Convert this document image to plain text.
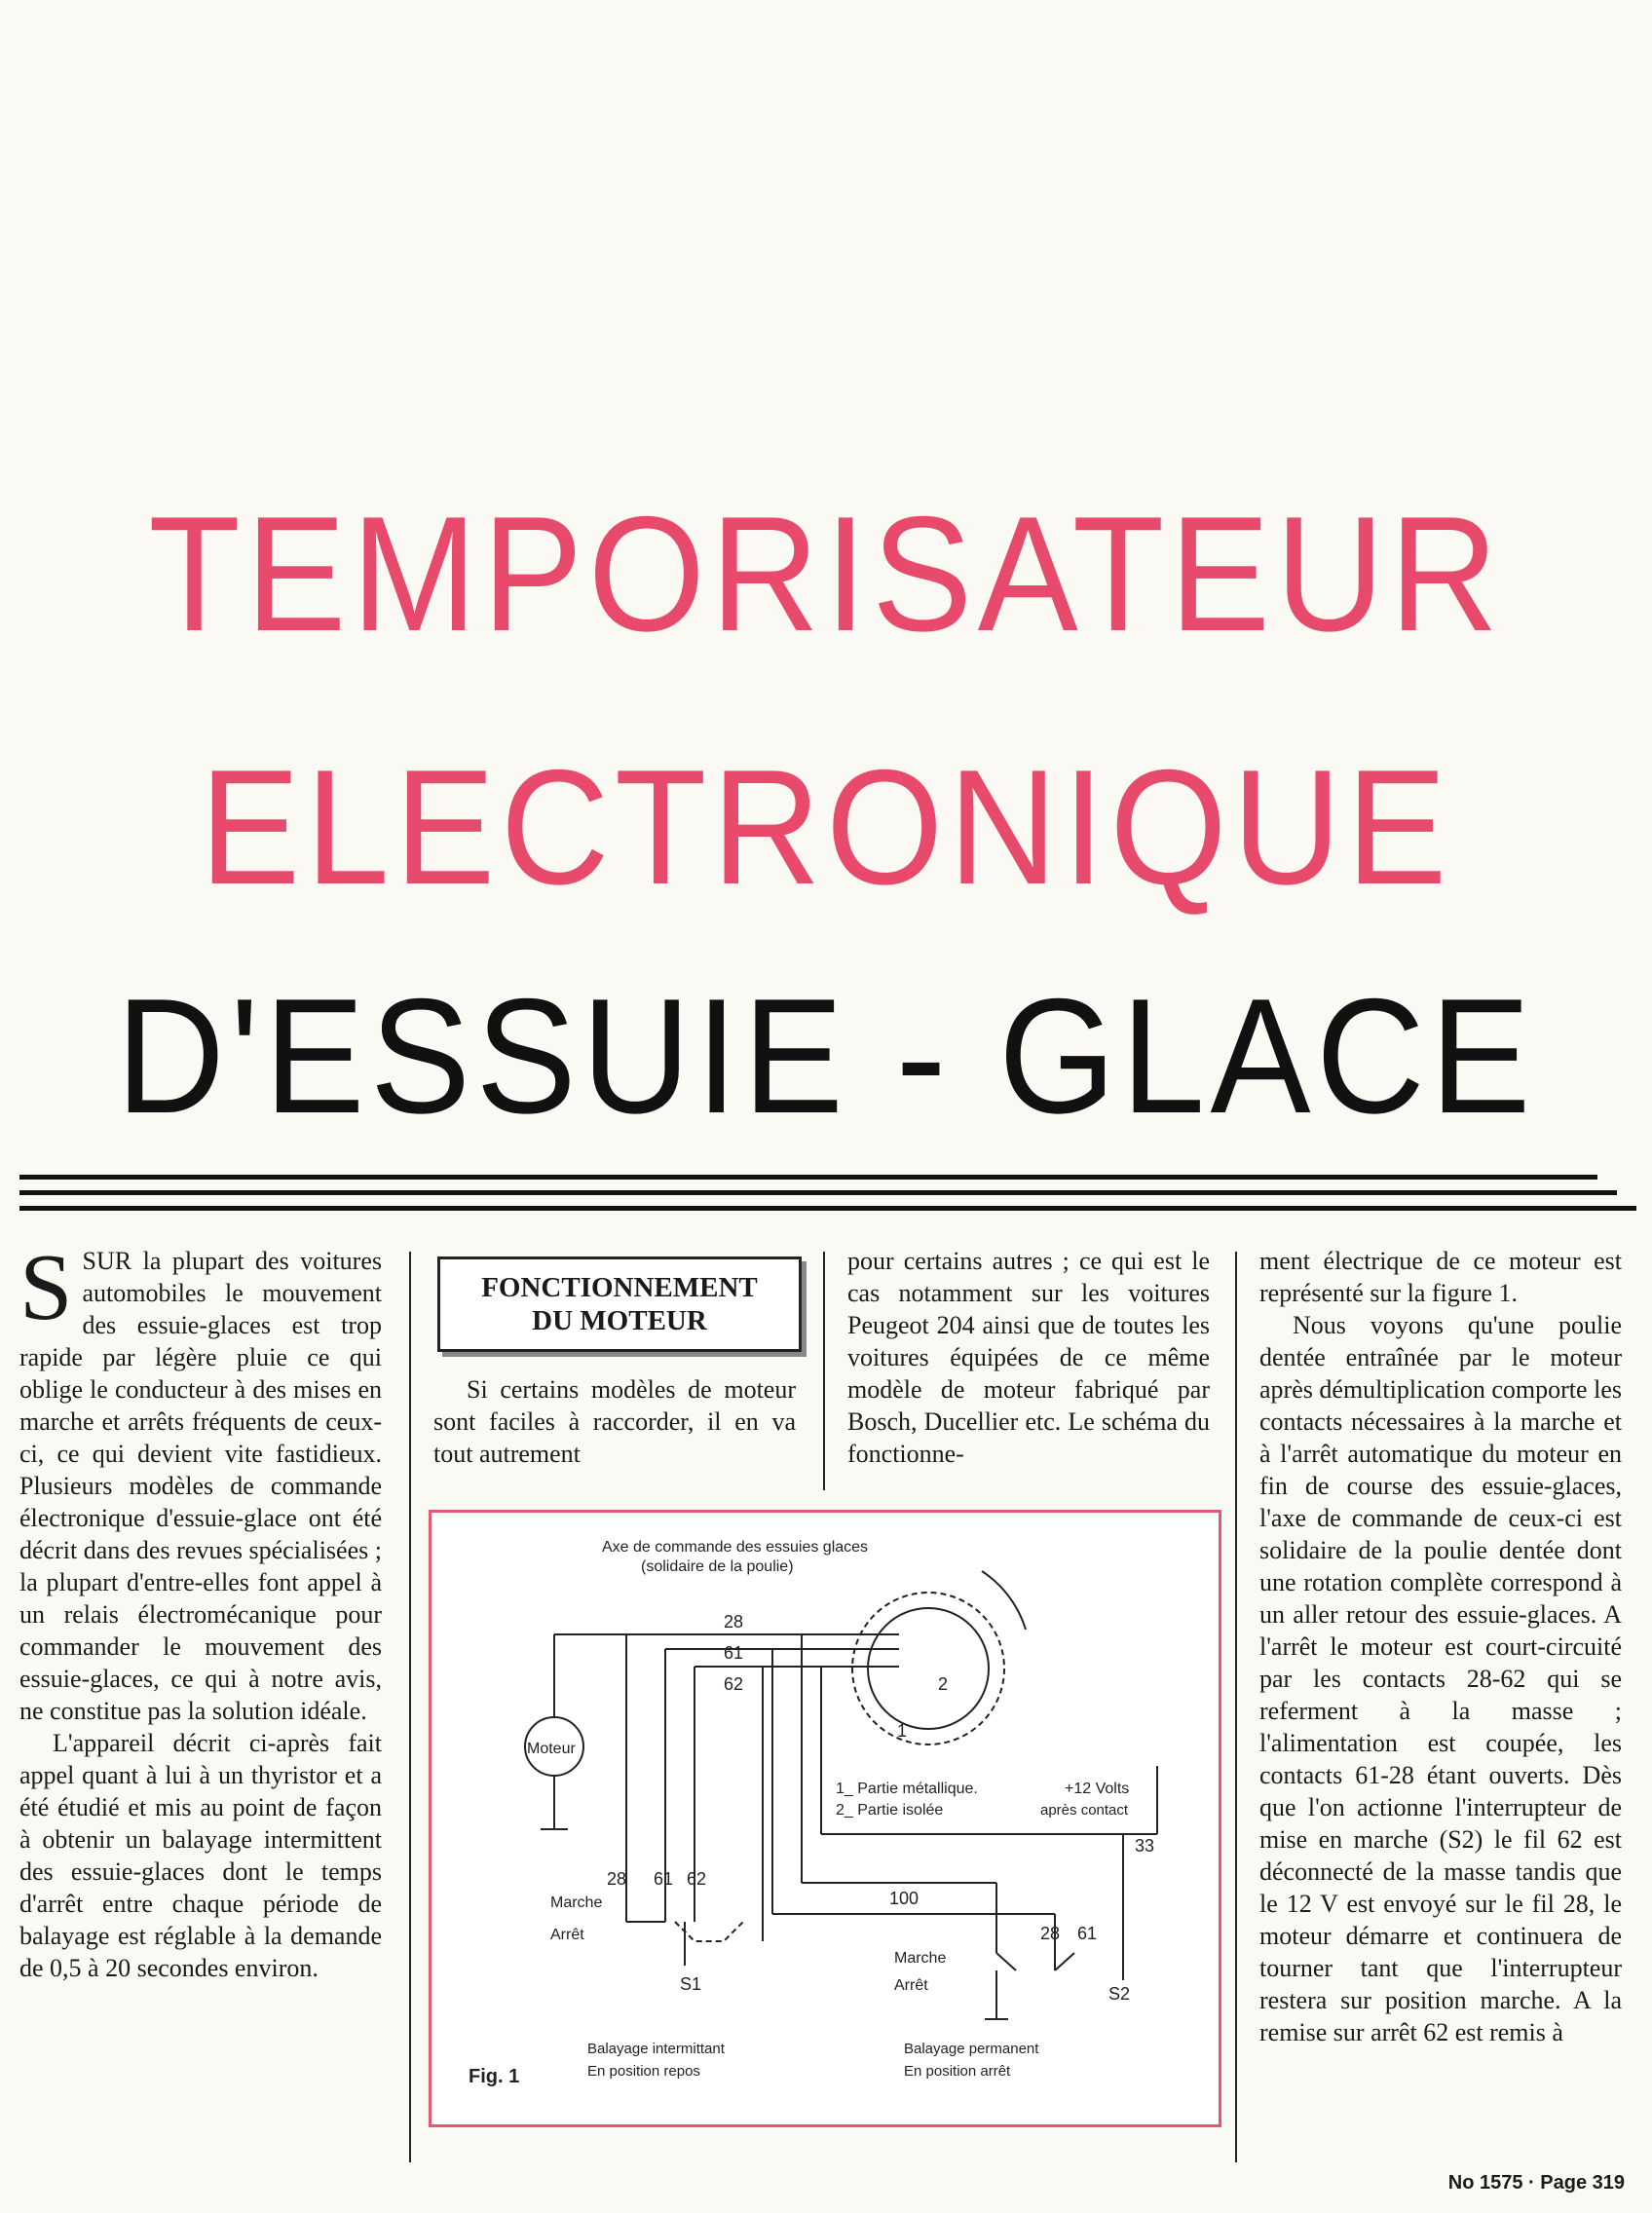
TEMPORISATEUR
ELECTRONIQUE
D'ESSUIE - GLACE

SSUR la plupart des voitures automobiles le mouvement des essuie-glaces est trop rapide par légère pluie ce qui oblige le conducteur à des mises en marche et arrêts fréquents de ceux-ci, ce qui devient vite fastidieux. Plusieurs modèles de commande électronique d'essuie-glace ont été décrit dans des revues spécialisées ; la plupart d'entre-elles font appel à un relais électromécanique pour commander le mouvement des essuie-glaces, ce qui à notre avis, ne constitue pas la solution idéale.

L'appareil décrit ci-après fait appel quant à lui à un thyristor et a été étudié et mis au point de façon à obtenir un balayage intermittent des essuie-glaces dont le temps d'arrêt entre chaque période de balayage est réglable à la demande de 0,5 à 20 secondes environ.

FONCTIONNEMENT
DU MOTEUR

Si certains modèles de moteur sont faciles à raccorder, il en va tout autrement

pour certains autres ; ce qui est le cas notamment sur les voitures Peugeot 204 ainsi que de toutes les voitures équipées de ce même modèle de moteur fabriqué par Bosch, Ducellier etc. Le schéma du fonctionne-

ment électrique de ce moteur est représenté sur la figure 1.

Nous voyons qu'une poulie dentée entraînée par le moteur après démultiplication comporte les contacts nécessaires à la marche et à l'arrêt automatique du moteur en fin de course des essuie-glaces, l'axe de commande de ceux-ci est solidaire de la poulie dentée dont une rotation complète correspond à un aller retour des essuie-glaces. A l'arrêt le moteur est court-circuité par les contacts 28-62 qui se referment à la masse ; l'alimentation est coupée, les contacts 61-28 étant ouverts. Dès que l'on actionne l'interrupteur de mise en marche (S2) le fil 62 est déconnecté de la masse tandis que le 12 V est envoyé sur le fil 28, le moteur démarre et continuera de tourner tant que l'interrupteur restera sur position marche. A la remise sur arrêt 62 est remis à

Axe de commande des essuies glaces
(solidaire de la poulie)
Moteur
28
61
62
1
2
1_ Partie métallique.
2_ Partie isolée
+12 Volts
après contact
33
100
28 61 62
Marche
Arrêt
S1
28 61
Marche
Arrêt	S2
Balayage intermittant
En position repos
Balayage permanent
En position arrêt
Fig. 1
No 1575 · Page 319
